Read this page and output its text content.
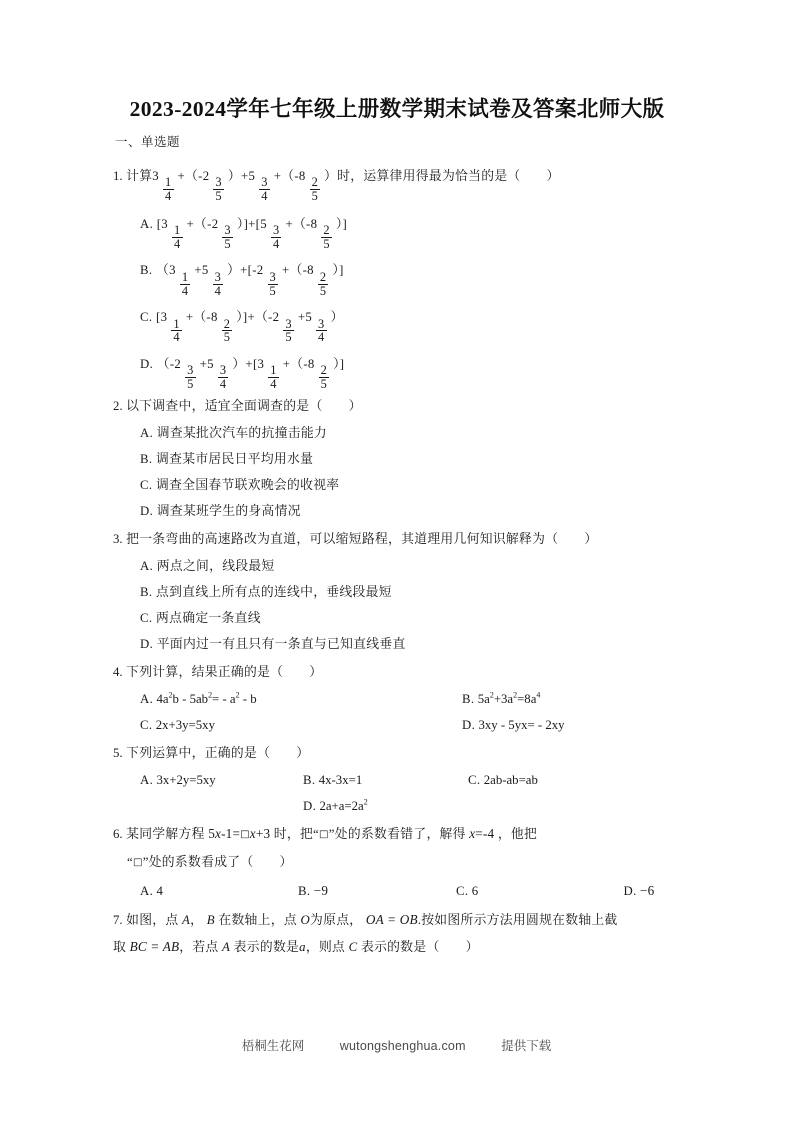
2023-2024学年七年级上册数学期末试卷及答案北师大版
一、单选题
1. 计算3
$\frac{1}{4}$
+（-2
$\frac{3}{5}$
）+5
$\frac{3}{4}$
+（-8
$\frac{2}{5}$
）时，运算律用得最为恰当的是（ ）
A. [3
$\frac{1}{4}$
+（-2
$\frac{3}{5}$
）]+[5
$\frac{3}{4}$
+（-8
$\frac{2}{5}$
）]
B. （3
$\frac{1}{4}$
+5
$\frac{3}{4}$
）+[-2
$\frac{3}{5}$
+（-8
$\frac{2}{5}$
）]
C. [3
$\frac{1}{4}$
+（-8
$\frac{2}{5}$
）]+（-2
$\frac{3}{5}$
+5
$\frac{3}{4}$
）
D. （-2
$\frac{3}{5}$
+5
$\frac{3}{4}$
）+[3
$\frac{1}{4}$
+（-8
$\frac{2}{5}$
）]
2. 以下调查中，适宜全面调查的是（ ）
A. 调查某批次汽车的抗撞击能力
B. 调查某市居民日平均用水量
C. 调查全国春节联欢晚会的收视率
D. 调查某班学生的身高情况
3. 把一条弯曲的高速路改为直道，可以缩短路程，其道理用几何知识解释为（ ）
A. 两点之间，线段最短
B. 点到直线上所有点的连线中，垂线段最短
C. 两点确定一条直线
D. 平面内过一有且只有一条直与已知直线垂直
4. 下列计算，结果正确的是（ ）
A. $4a^2b - 5ab^2= - a^2 - b$	B. $5a^2+3a^2=8a^4$
C. 2x+3y=5xy	D. 3xy - 5yx= - 2xy
5. 下列运算中，正确的是（ ）
A. 3x+2y=5xy	B. 4x-3x=1	C. 2ab-ab=ab
D. $2a+a=2a^2$
6. 某同学解方程 5x-1=□x+3 时，把“□”处的系数看错了，解得 x=-4 ，他把
“□”处的系数看成了（ ）
A. 4	B. −9	C. 6	D. −6
7. 如图，点 A， B 在数轴上，点 O为原点， OA = OB.按如图所示方法用圆规在数轴上截
取 BC = AB，若点 A 表示的数是a，则点 C 表示的数是（ ）
梧桐生花网	wutongshenghua.com	提供下载
